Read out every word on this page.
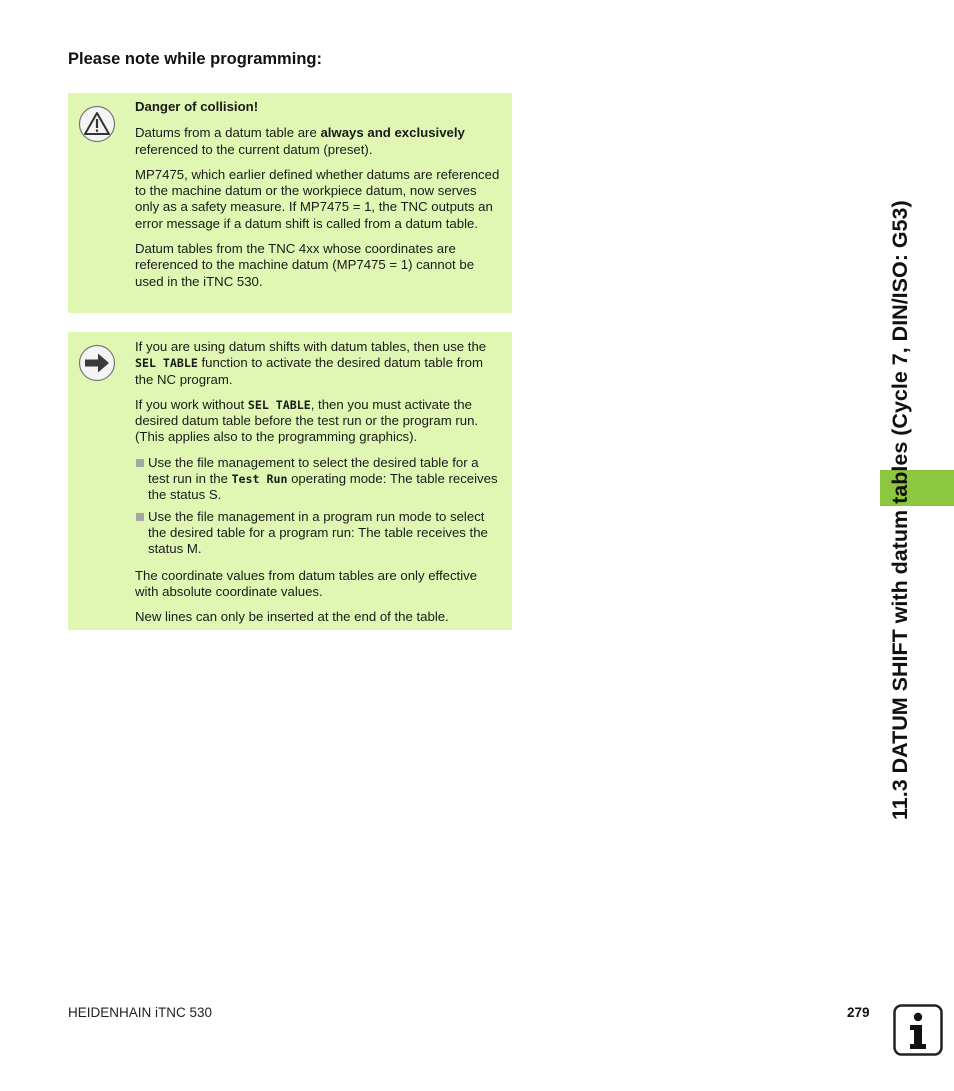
Please note while programming:

Danger of collision!

Datums from a datum table are always and exclusively referenced to the current datum (preset).

MP7475, which earlier defined whether datums are referenced to the machine datum or the workpiece datum, now serves only as a safety measure. If MP7475 = 1, the TNC outputs an error message if a datum shift is called from a datum table.

Datum tables from the TNC 4xx whose coordinates are referenced to the machine datum (MP7475 = 1) cannot be used in the iTNC 530.

If you are using datum shifts with datum tables, then use the SEL TABLE function to activate the desired datum table from the NC program.

If you work without SEL TABLE, then you must activate the desired datum table before the test run or the program run. (This applies also to the programming graphics).

Use the file management to select the desired table for a test run in the Test Run operating mode: The table receives the status S.
Use the file management in a program run mode to select the desired table for a program run: The table receives the status M.

The coordinate values from datum tables are only effective with absolute coordinate values.

New lines can only be inserted at the end of the table.	11.3 DATUM SHIFT with datum tables (Cycle 7, DIN/ISO: G53)
HEIDENHAIN iTNC 530	279
